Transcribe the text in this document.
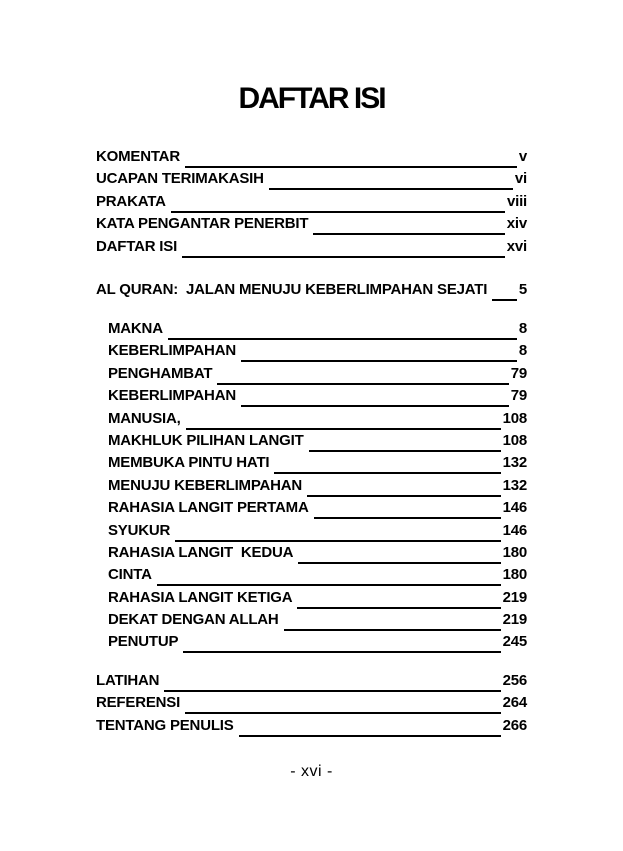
DAFTAR ISI
KOMENTAR	v
UCAPAN TERIMAKASIH	vi
PRAKATA	viii
KATA PENGANTAR PENERBIT	xiv
DAFTAR ISI	xvi
AL QURAN:  JALAN MENUJU KEBERLIMPAHAN SEJATI 5
MAKNA	8
KEBERLIMPAHAN	8
PENGHAMBAT	79
KEBERLIMPAHAN	79
MANUSIA,	108
MAKHLUK PILIHAN LANGIT	108
MEMBUKA PINTU HATI	132
MENUJU KEBERLIMPAHAN	132
RAHASIA LANGIT PERTAMA	146
SYUKUR	146
RAHASIA LANGIT  KEDUA	180
CINTA	180
RAHASIA LANGIT KETIGA	219
DEKAT DENGAN ALLAH	219
PENUTUP	245
LATIHAN	256
REFERENSI	264
TENTANG PENULIS	266
- xvi -
